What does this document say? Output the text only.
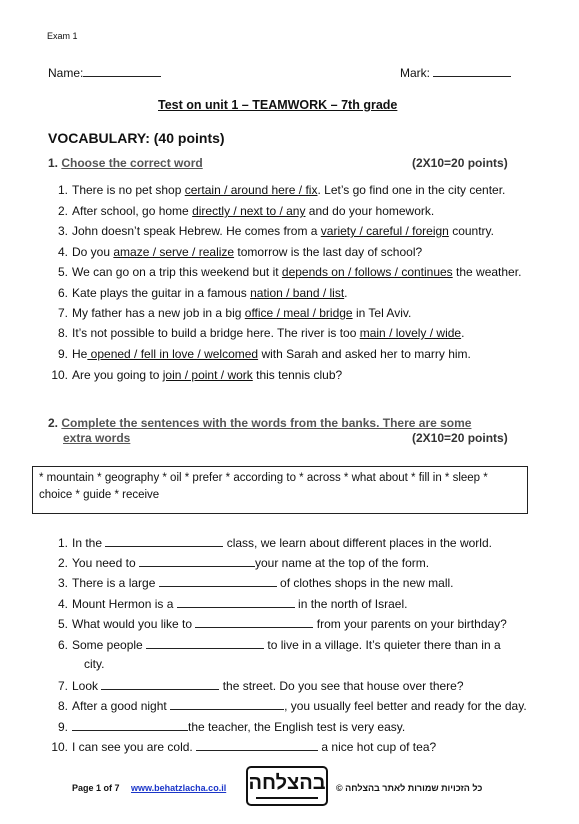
Exam 1
Name:	Mark:
Test on unit 1 – TEAMWORK – 7th grade
VOCABULARY: (40 points)
1. Choose the correct word	(2X10=20 points)
1. There is no pet shop certain / around here / fix. Let’s go find one in the city center.
2. After school, go home directly / next to / any and do your homework.
3. John doesn’t speak Hebrew. He comes from a variety / careful / foreign country.
4. Do you amaze / serve / realize tomorrow is the last day of school?
5. We can go on a trip this weekend but it depends on / follows / continues the weather.
6. Kate plays the guitar in a famous nation / band / list.
7. My father has a new job in a big office / meal / bridge in Tel Aviv.
8. It’s not possible to build a bridge here. The river is too main / lovely / wide.
9. He opened / fell in love / welcomed with Sarah and asked her to marry him.
10. Are you going to join / point / work this tennis club?
2. Complete the sentences with the words from the banks. There are some
extra words	(2X10=20 points)
* mountain * geography * oil * prefer * according to * across * what about * fill in * sleep *
choice * guide * receive
1. In the	class, we learn about different places in the world.
2. You need to	your name at the top of the form.
3. There is a large	of clothes shops in the new mall.
4. Mount Hermon is a	in the north of Israel.
5. What would you like to	from your parents on your birthday?
6. Some people	to live in a village. It’s quieter there than in a
city.
7. Look	the street. Do you see that house over there?
8. After a good night	, you usually feel better and ready for the day.
9.	the teacher, the English test is very easy.
10. I can see you are cold.	a nice hot cup of tea?
Page 1 of 7 www.behatzlacha.co.il בהצלחה כל הזכויות שמורות לאתר בהצלחה ©
